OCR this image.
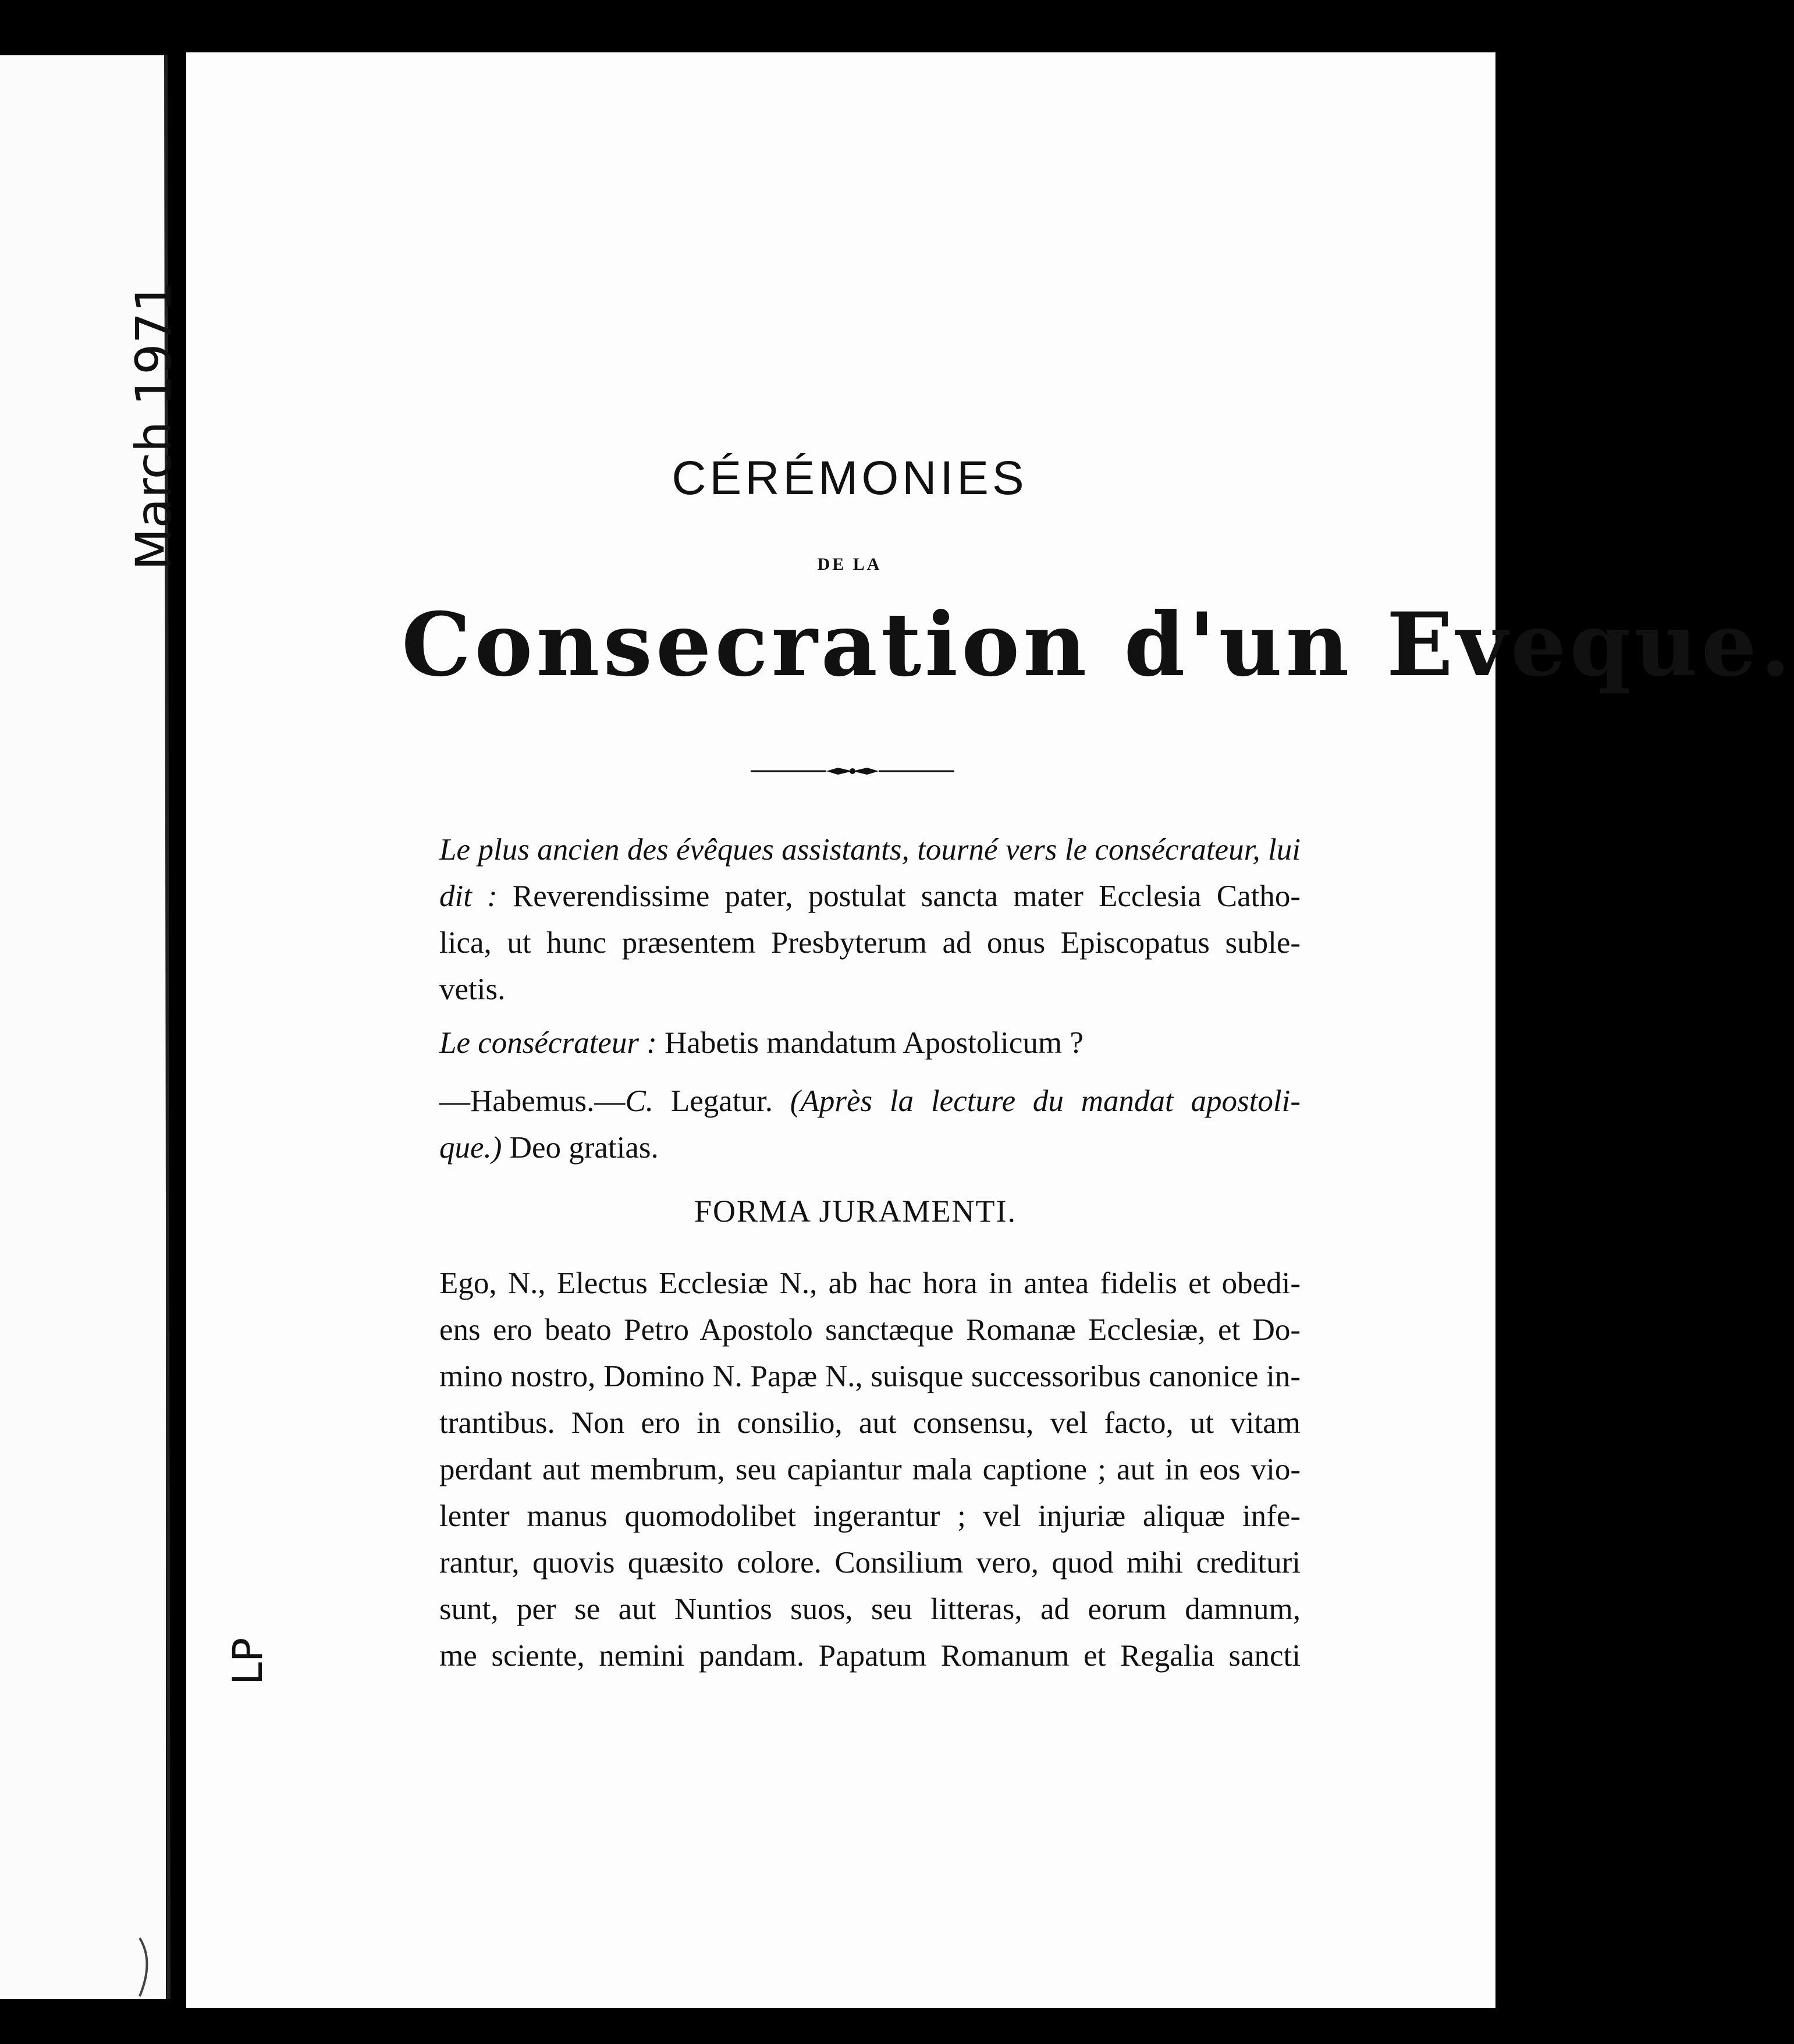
March 1971
LP
CÉRÉMONIES
DE LA
Consecration d'un Eveque.
Le plus ancien des évêques assistants, tourné vers le consécrateur, lui
dit : Reverendissime pater, postulat sancta mater Ecclesia Catho-
lica, ut hunc præsentem Presbyterum ad onus Episcopatus suble-
vetis.
Le consécrateur : Habetis mandatum Apostolicum ?
—Habemus.—C. Legatur. (Après la lecture du mandat apostoli-
que.) Deo gratias.
FORMA JURAMENTI.
Ego, N., Electus Ecclesiæ N., ab hac hora in antea fidelis et obedi-
ens ero beato Petro Apostolo sanctæque Romanæ Ecclesiæ, et Do-
mino nostro, Domino N. Papæ N., suisque successoribus canonice in-
trantibus. Non ero in consilio, aut consensu, vel facto, ut vitam
perdant aut membrum, seu capiantur mala captione ; aut in eos vio-
lenter manus quomodolibet ingerantur ; vel injuriæ aliquæ infe-
rantur, quovis quæsito colore. Consilium vero, quod mihi credituri
sunt, per se aut Nuntios suos, seu litteras, ad eorum damnum,
me sciente, nemini pandam. Papatum Romanum et Regalia sancti
